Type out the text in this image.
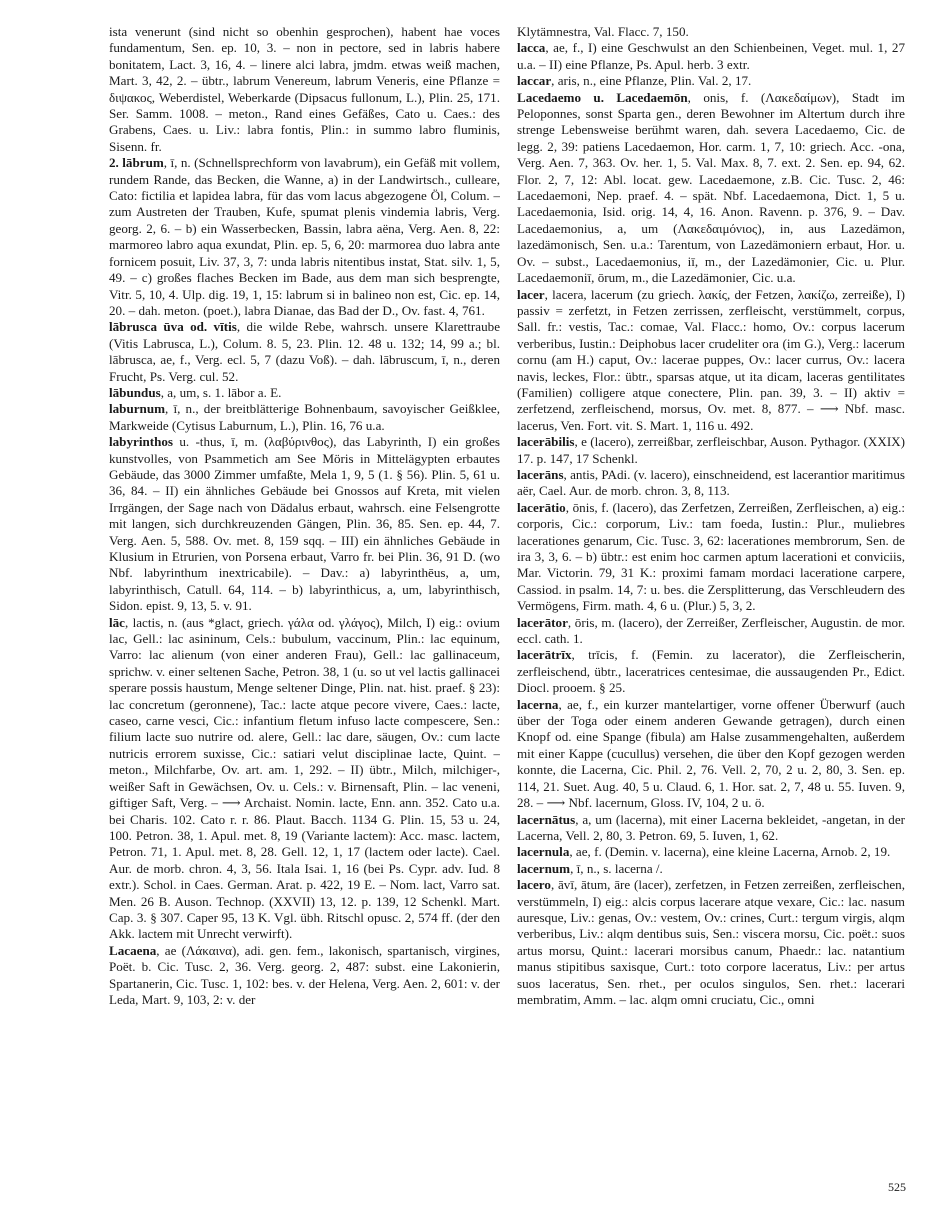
ista venerunt (sind nicht so obenhin gesprochen), habent hae voces fundamentum, Sen. ep. 10, 3. – non in pectore, sed in labris habere bonitatem, Lact. 3, 16, 4. – linere alci labra, jmdm. etwas weiß machen, Mart. 3, 42, 2. – übtr., labrum Venereum, labrum Veneris, eine Pflanze = διψακος, Weberdistel, Weberkarde (Dipsacus fullonum, L.), Plin. 25, 171. Ser. Samm. 1008. – meton., Rand eines Gefäßes, Cato u. Caes.: des Grabens, Caes. u. Liv.: labra fontis, Plin.: in summo labro fluminis, Sisenn. fr.
2. lābrum, ī, n. (Schnellsprechform von lavabrum), ein Gefäß mit vollem, rundem Rande, das Becken, die Wanne, a) in der Landwirtsch., culleare, Cato: fictilia et lapidea labra, für das vom lacus abgezogene Öl, Colum. – zum Austreten der Trauben, Kufe, spumat plenis vindemia labris, Verg. georg. 2, 6. – b) ein Wasserbecken, Bassin, labra aëna, Verg. Aen. 8, 22: marmoreo labro aqua exundat, Plin. ep. 5, 6, 20: marmorea duo labra ante fornicem posuit, Liv. 37, 3, 7: unda labris nitentibus instat, Stat. silv. 1, 5, 49. – c) großes flaches Becken im Bade, aus dem man sich besprengte, Vitr. 5, 10, 4. Ulp. dig. 19, 1, 15: labrum si in balineo non est, Cic. ep. 14, 20. – dah. meton. (poet.), labra Dianae, das Bad der D., Ov. fast. 4, 761.
lābrusca ūva od. vītis, die wilde Rebe, wahrsch. unsere Klarettraube (Vitis Labrusca, L.), Colum. 8. 5, 23. Plin. 12. 48 u. 132; 14, 99 a.; bl. lābrusca, ae, f., Verg. ecl. 5, 7 (dazu Voß). – dah. lābruscum, ī, n., deren Frucht, Ps. Verg. cul. 52.
lābundus, a, um, s. 1. lābor a. E.
laburnum, ī, n., der breitblätterige Bohnenbaum, savoyischer Geißklee, Markweide (Cytisus Laburnum, L.), Plin. 16, 76 u.a.
labyrinthos u. -thus, ī, m. (λαβύρινθος), das Labyrinth, I) ein großes kunstvolles, von Psammetich am See Möris in Mittelägypten erbautes Gebäude, das 3000 Zimmer umfaßte, Mela 1, 9, 5 (1. § 56). Plin. 5, 61 u. 36, 84. – II) ein ähnliches Gebäude bei Gnossos auf Kreta, mit vielen Irrgängen, der Sage nach von Dädalus erbaut, wahrsch. eine Felsengrotte mit langen, sich durchkreuzenden Gängen, Plin. 36, 85. Sen. ep. 44, 7. Verg. Aen. 5, 588. Ov. met. 8, 159 sqq. – III) ein ähnliches Gebäude in Klusium in Etrurien, von Porsena erbaut, Varro fr. bei Plin. 36, 91 D. (wo Nbf. labyrinthum inextricabile). – Dav.: a) labyrinthēus, a, um, labyrinthisch, Catull. 64, 114. – b) labyrinthicus, a, um, labyrinthisch, Sidon. epist. 9, 13, 5. v. 91.
lāc, lactis, n. (aus *glact, griech. γάλα od. γλάγος), Milch, I) eig.: ovium lac, Gell.: lac asininum, Cels.: bubulum, vaccinum, Plin.: lac equinum, Varro: lac alienum (von einer anderen Frau), Gell.: lac gallinaceum, sprichw. v. einer seltenen Sache, Petron. 38, 1 (u. so ut vel lactis gallinacei sperare possis haustum, Menge seltener Dinge, Plin. nat. hist. praef. § 23): lac concretum (geronnene), Tac.: lacte atque pecore vivere, Caes.: lacte, caseo, carne vesci, Cic.: infantium fletum infuso lacte compescere, Sen.: filium lacte suo nutrire od. alere, Gell.: lac dare, säugen, Ov.: cum lacte nutricis errorem suxisse, Cic.: satiari velut disciplinae lacte, Quint. – meton., Milchfarbe, Ov. art. am. 1, 292. – II) übtr., Milch, milchiger-, weißer Saft in Gewächsen, Ov. u. Cels.: v. Birnensaft, Plin. – lac veneni, giftiger Saft, Verg. – ⟶ Archaist. Nomin. lacte, Enn. ann. 352. Cato u.a. bei Charis. 102. Cato r. r. 86. Plaut. Bacch. 1134 G. Plin. 15, 53 u. 24, 100. Petron. 38, 1. Apul. met. 8, 19 (Variante lactem): Acc. masc. lactem, Petron. 71, 1. Apul. met. 8, 28. Gell. 12, 1, 17 (lactem oder lacte). Cael. Aur. de morb. chron. 4, 3, 56. Itala Isai. 1, 16 (bei Ps. Cypr. adv. Iud. 8 extr.). Schol. in Caes. German. Arat. p. 422, 19 E. – Nom. lact, Varro sat. Men. 26 B. Auson. Technop. (XXVII) 13, 12. p. 139, 12 Schenkl. Mart. Cap. 3. § 307. Caper 95, 13 K. Vgl. übh. Ritschl opusc. 2, 574 ff. (der den Akk. lactem mit Unrecht verwirft).
Lacaena, ae (Λάκαινα), adi. gen. fem., lakonisch, spartanisch, virgines, Poët. b. Cic. Tusc. 2, 36. Verg. georg. 2, 487: subst. eine Lakonierin, Spartanerin, Cic. Tusc. 1, 102: bes. v. der Helena, Verg. Aen. 2, 601: v. der Leda, Mart. 9, 103, 2: v. der
Klytämnestra, Val. Flacc. 7, 150.
lacca, ae, f., I) eine Geschwulst an den Schienbeinen, Veget. mul. 1, 27 u.a. – II) eine Pflanze, Ps. Apul. herb. 3 extr.
laccar, aris, n., eine Pflanze, Plin. Val. 2, 17.
Lacedaemo u. Lacedaemōn, onis, f. (Λακεδαίμων), Stadt im Peloponnes, sonst Sparta gen., deren Bewohner im Altertum durch ihre strenge Lebensweise berühmt waren, dah. severa Lacedaemo, Cic. de legg. 2, 39: patiens Lacedaemon, Hor. carm. 1, 7, 10: griech. Acc. -ona, Verg. Aen. 7, 363. Ov. her. 1, 5. Val. Max. 8, 7. ext. 2. Sen. ep. 94, 62. Flor. 2, 7, 12: Abl. locat. gew. Lacedaemone, z.B. Cic. Tusc. 2, 46: Lacedaemoni, Nep. praef. 4. – spät. Nbf. Lacedaemona, Dict. 1, 5 u. Lacedaemonia, Isid. orig. 14, 4, 16. Anon. Ravenn. p. 376, 9. – Dav. Lacedaemonius, a, um (Λακεδαιμόνιος), in, aus Lazedämon, lazedämonisch, Sen. u.a.: Tarentum, von Lazedämoniern erbaut, Hor. u. Ov. – subst., Lacedaemonius, iī, m., der Lazedämonier, Cic. u. Plur. Lacedaemoniī, ōrum, m., die Lazedämonier, Cic. u.a.
lacer, lacera, lacerum (zu griech. λακίς, der Fetzen, λακίζω, zerreiße), I) passiv = zerfetzt, in Fetzen zerrissen, zerfleischt, verstümmelt, corpus, Sall. fr.: vestis, Tac.: comae, Val. Flacc.: homo, Ov.: corpus lacerum verberibus, Iustin.: Deiphobus lacer crudeliter ora (im G.), Verg.: lacerum cornu (am H.) caput, Ov.: lacerae puppes, Ov.: lacer currus, Ov.: lacera navis, leckes, Flor.: übtr., sparsas atque, ut ita dicam, laceras gentilitates (Familien) colligere atque conectere, Plin. pan. 39, 3. – II) aktiv = zerfetzend, zerfleischend, morsus, Ov. met. 8, 877. – ⟶ Nbf. masc. lacerus, Ven. Fort. vit. S. Mart. 1, 116 u. 492.
lacerābilis, e (lacero), zerreißbar, zerfleischbar, Auson. Pythagor. (XXIX) 17. p. 147, 17 Schenkl.
lacerāns, antis, PAdi. (v. lacero), einschneidend, est lacerantior maritimus aër, Cael. Aur. de morb. chron. 3, 8, 113.
lacerātio, ōnis, f. (lacero), das Zerfetzen, Zerreißen, Zerfleischen, a) eig.: corporis, Cic.: corporum, Liv.: tam foeda, Iustin.: Plur., muliebres lacerationes genarum, Cic. Tusc. 3, 62: lacerationes membrorum, Sen. de ira 3, 3, 6. – b) übtr.: est enim hoc carmen aptum lacerationi et conviciis, Mar. Victorin. 79, 31 K.: proximi famam mordaci laceratione carpere, Cassiod. in psalm. 14, 7: u. bes. die Zersplitterung, das Verschleudern des Vermögens, Firm. math. 4, 6 u. (Plur.) 5, 3, 2.
lacerātor, ōris, m. (lacero), der Zerreißer, Zerfleischer, Augustin. de mor. eccl. cath. 1.
lacerātrīx, trīcis, f. (Femin. zu lacerator), die Zerfleischerin, zerfleischend, übtr., laceratrices centesimae, die aussaugenden Pr., Edict. Diocl. prooem. § 25.
lacerna, ae, f., ein kurzer mantelartiger, vorne offener Überwurf (auch über der Toga oder einem anderen Gewande getragen), durch einen Knopf od. eine Spange (fibula) am Halse zusammengehalten, außerdem mit einer Kappe (cucullus) versehen, die über den Kopf gezogen werden konnte, die Lacerna, Cic. Phil. 2, 76. Vell. 2, 70, 2 u. 2, 80, 3. Sen. ep. 114, 21. Suet. Aug. 40, 5 u. Claud. 6, 1. Hor. sat. 2, 7, 48 u. 55. Iuven. 9, 28. – ⟶ Nbf. lacernum, Gloss. IV, 104, 2 u. ö.
lacernātus, a, um (lacerna), mit einer Lacerna bekleidet, -angetan, in der Lacerna, Vell. 2, 80, 3. Petron. 69, 5. Iuven, 1, 62.
lacernula, ae, f. (Demin. v. lacerna), eine kleine Lacerna, Arnob. 2, 19.
lacernum, ī, n., s. lacerna /.
lacero, āvī, ātum, āre (lacer), zerfetzen, in Fetzen zerreißen, zerfleischen, verstümmeln, I) eig.: alcis corpus lacerare atque vexare, Cic.: lac. nasum auresque, Liv.: genas, Ov.: vestem, Ov.: crines, Curt.: tergum virgis, alqm verberibus, Liv.: alqm dentibus suis, Sen.: viscera morsu, Cic. poët.: suos artus morsu, Quint.: lacerari morsibus canum, Phaedr.: lac. natantium manus stipitibus saxisque, Curt.: toto corpore laceratus, Liv.: per artus suos laceratus, Sen. rhet., per oculos singulos, Sen. rhet.: lacerari membratim, Amm. – lac. alqm omni cruciatu, Cic., omni
525
